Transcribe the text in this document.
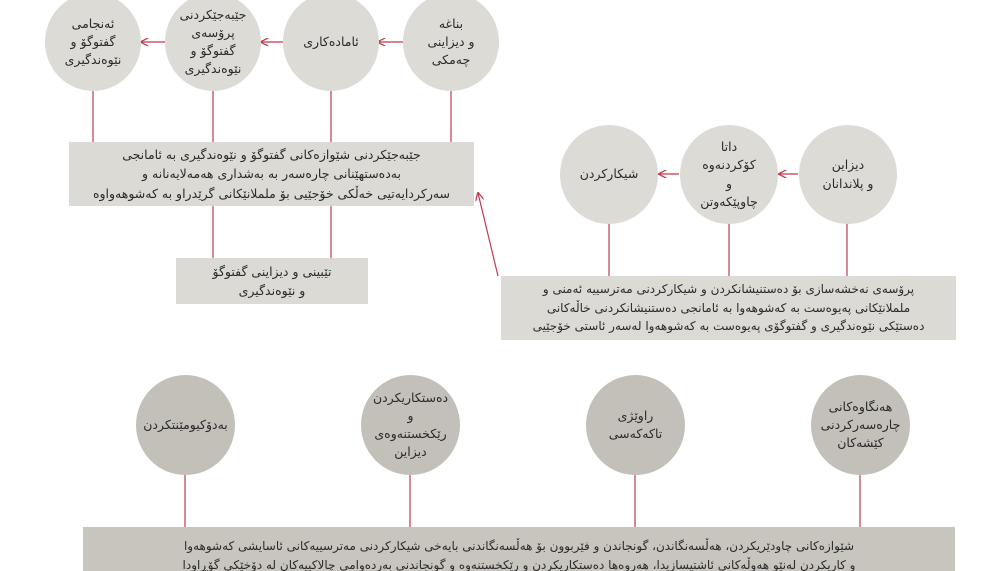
ئەنجامی
گفتوگۆ و
نێوەندگیری
جێبەجێکردنی
پرۆسەی
گفتوگۆ و
نێوەندگیری
ئامادەکاری
بناغە
و دیزاینی
چەمکی
جێبەجێکردنی شێوازەکانی گفتوگۆ و نێوەندگیری بە ئامانجی
بەدەستهێنانی چارەسەر بە بەشداری هەمەلایەنانە و
سەرکردایەتیی خەڵکی خۆجێیی بۆ ململانێکانی گرێدراو بە کەشوهەواوە
تێبینی و دیزاینی گفتوگۆ
و نێوەندگیری
شیکارکردن
داتا کۆکردنەوە
و چاوپێکەوتن
دیزاین
و پلاندانان
پرۆسەی نەخشەسازی بۆ دەستنیشانکردن و شیکارکردنی مەترسییە ئەمنی و
ململانێکانی پەیوەست بە کەشوهەوا بە ئامانجی دەستنیشانکردنی خاڵەکانی
دەستێکی نێوەندگیری و گفتوگۆی پەیوەست بە کەشوهەوا لەسەر ئاستی خۆجێیی
بەدۆکیومێنتکردن
دەستکاریکردن
و رێکخستنەوەی
دیزاین
راوێژی
تاکەکەسی
هەنگاوەکانی
چارەسەرکردنی
کێشەکان
شێوازەکانی چاودێریکردن، هەڵسەنگاندن، گونجاندن و فێربوون بۆ هەڵسەنگاندنی بایەخی شیکارکردنی مەترسییەکانی ئاسایشی کەشوهەوا
و کاریکردن لەنێو هەوڵەکانی ئاشتیسازیدا، هەروەها دەستکاریکردن و رێکخستنەوە و گونجاندنی بەردەوامی چالاکییەکان لە دۆخێکی گۆڕاودا
